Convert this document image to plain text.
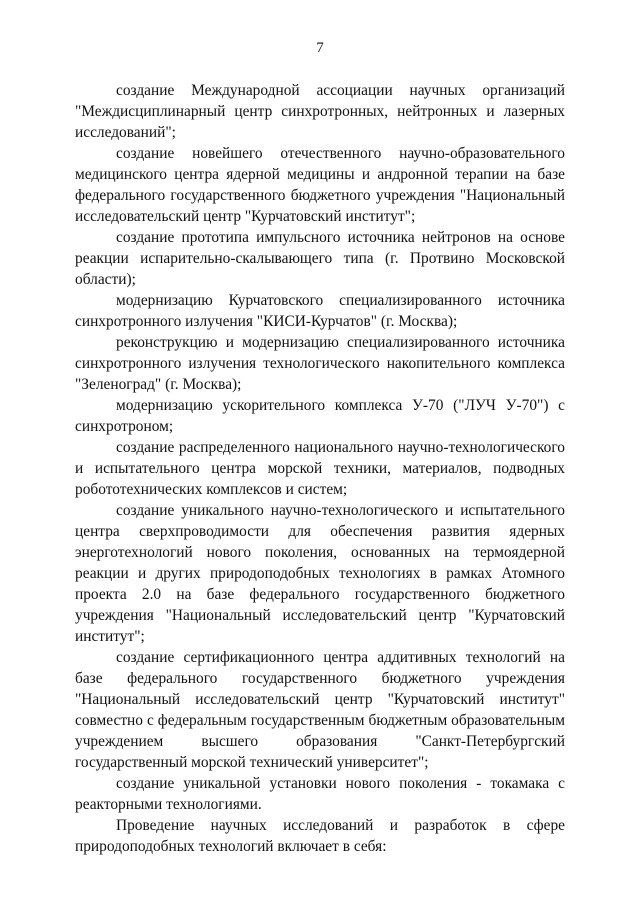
7

создание Международной ассоциации научных организаций "Междисциплинарный центр синхротронных, нейтронных и лазерных исследований";

создание новейшего отечественного научно-образовательного медицинского центра ядерной медицины и андронной терапии на базе федерального государственного бюджетного учреждения "Национальный исследовательский центр "Курчатовский институт";

создание прототипа импульсного источника нейтронов на основе реакции испарительно-скалывающего типа (г. Протвино Московской области);

модернизацию Курчатовского специализированного источника синхротронного излучения "КИСИ-Курчатов" (г. Москва);

реконструкцию и модернизацию специализированного источника синхротронного излучения технологического накопительного комплекса "Зеленоград" (г. Москва);

модернизацию ускорительного комплекса У-70 ("ЛУЧ У-70") с синхротроном;

создание распределенного национального научно-технологического и испытательного центра морской техники, материалов, подводных робототехнических комплексов и систем;

создание уникального научно-технологического и испытательного центра сверхпроводимости для обеспечения развития ядерных энерготехнологий нового поколения, основанных на термоядерной реакции и других природоподобных технологиях в рамках Атомного проекта 2.0 на базе федерального государственного бюджетного учреждения "Национальный исследовательский центр "Курчатовский институт";

создание сертификационного центра аддитивных технологий на базе федерального государственного бюджетного учреждения "Национальный исследовательский центр "Курчатовский институт" совместно с федеральным государственным бюджетным образовательным учреждением высшего образования "Санкт-Петербургский государственный морской технический университет";

создание уникальной установки нового поколения - токамака с реакторными технологиями.

Проведение научных исследований и разработок в сфере природоподобных технологий включает в себя:
